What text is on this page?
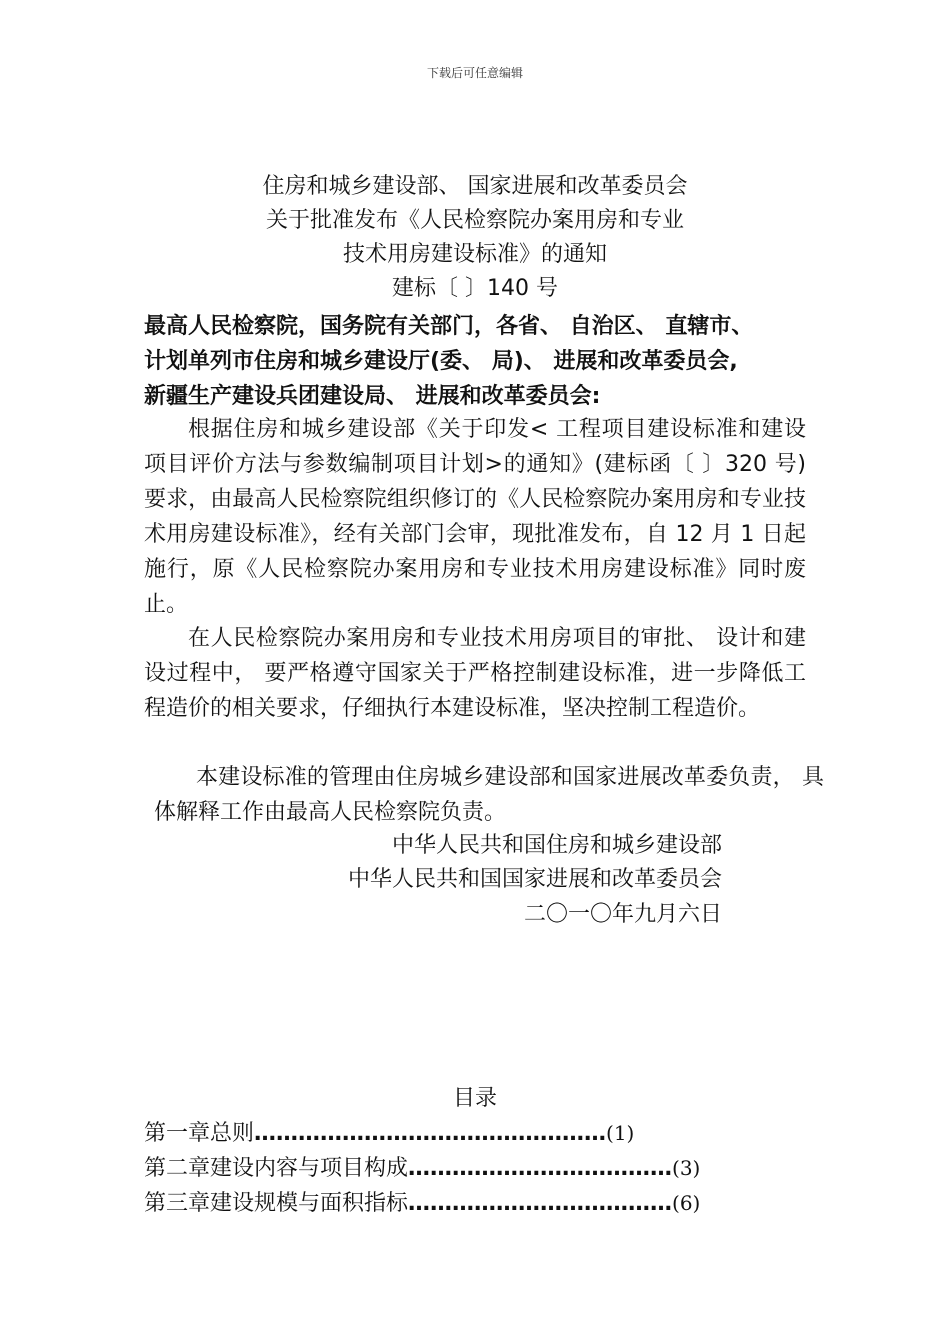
下载后可任意编辑
住房和城乡建设部、 国家进展和改革委员会
关于批准发布《人民检察院办案用房和专业
技术用房建设标准》的通知
建标〔 〕140 号
最高人民检察院，国务院有关部门，各省、 自治区、 直辖市、
计划单列市住房和城乡建设厅(委、 局)、 进展和改革委员会,
新疆生产建设兵团建设局、 进展和改革委员会:
根据住房和城乡建设部《关于印发< 工程项目建设标准和建设项目评价方法与参数编制项目计划>的通知》(建标函〔 〕320 号)要求，由最高人民检察院组织修订的《人民检察院办案用房和专业技术用房建设标准》，经有关部门会审，现批准发布，自 12 月 1 日起施行，原《人民检察院办案用房和专业技术用房建设标准》同时废止。
在人民检察院办案用房和专业技术用房项目的审批、 设计和建设过程中， 要严格遵守国家关于严格控制建设标准，进一步降低工程造价的相关要求，仔细执行本建设标准，坚决控制工程造价。
本建设标准的管理由住房城乡建设部和国家进展改革委负责， 具体解释工作由最高人民检察院负责。
中华人民共和国住房和城乡建设部
中华人民共和国国家进展和改革委员会
二〇一〇年九月六日
目录
第一章总则 ………………………………………… (1)
第二章建设内容与项目构成 ……………………………… (3)
第三章建设规模与面积指标 ……………………………… (6)
